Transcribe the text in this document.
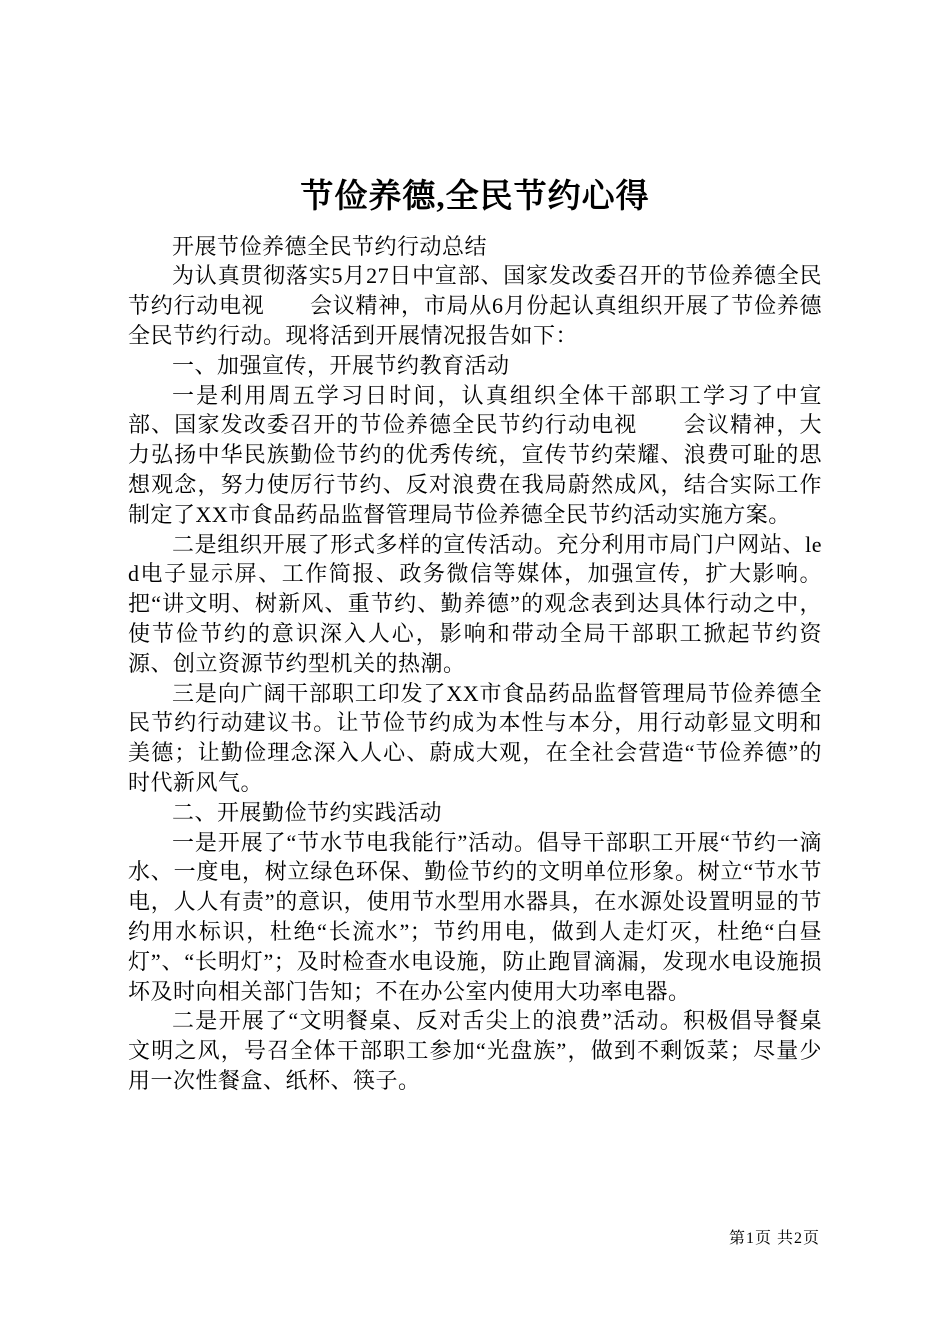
节俭养德,全民节约心得

开展节俭养德全民节约行动总结

为认真贯彻落实5月27日中宣部、国家发改委召开的节俭养德全民节约行动电视　　会议精神，市局从6月份起认真组织开展了节俭养德全民节约行动。现将活到开展情况报告如下：

一、加强宣传，开展节约教育活动

一是利用周五学习日时间，认真组织全体干部职工学习了中宣部、国家发改委召开的节俭养德全民节约行动电视　　会议精神，大力弘扬中华民族勤俭节约的优秀传统，宣传节约荣耀、浪费可耻的思想观念，努力使厉行节约、反对浪费在我局蔚然成风，结合实际工作制定了XX市食品药品监督管理局节俭养德全民节约活动实施方案。

二是组织开展了形式多样的宣传活动。充分利用市局门户网站、led电子显示屏、工作简报、政务微信等媒体，加强宣传，扩大影响。把“讲文明、树新风、重节约、勤养德”的观念表到达具体行动之中，使节俭节约的意识深入人心，影响和带动全局干部职工掀起节约资源、创立资源节约型机关的热潮。

三是向广阔干部职工印发了XX市食品药品监督管理局节俭养德全民节约行动建议书。让节俭节约成为本性与本分，用行动彰显文明和美德；让勤俭理念深入人心、蔚成大观，在全社会营造“节俭养德”的时代新风气。

二、开展勤俭节约实践活动

一是开展了“节水节电我能行”活动。倡导干部职工开展“节约一滴水、一度电，树立绿色环保、勤俭节约的文明单位形象。树立“节水节电，人人有责”的意识，使用节水型用水器具，在水源处设置明显的节约用水标识，杜绝“长流水”；节约用电，做到人走灯灭，杜绝“白昼灯”、“长明灯”；及时检查水电设施，防止跑冒滴漏，发现水电设施损坏及时向相关部门告知；不在办公室内使用大功率电器。

二是开展了“文明餐桌、反对舌尖上的浪费”活动。积极倡导餐桌文明之风，号召全体干部职工参加“光盘族”，做到不剩饭菜；尽量少用一次性餐盒、纸杯、筷子。

第1页 共2页
